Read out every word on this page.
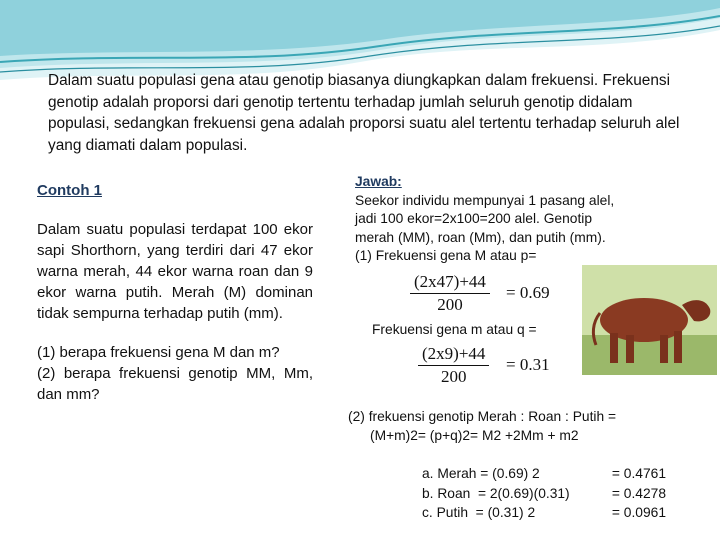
Dalam suatu populasi gena atau genotip biasanya diungkapkan dalam frekuensi. Frekuensi genotip adalah proporsi dari genotip tertentu terhadap jumlah seluruh genotip didalam populasi, sedangkan frekuensi gena adalah proporsi suatu alel tertentu terhadap seluruh alel yang diamati dalam populasi.

Contoh 1

Dalam suatu populasi terdapat 100 ekor sapi Shorthorn, yang terdiri dari 47 ekor warna merah, 44 ekor warna roan dan 9 ekor warna putih. Merah (M) dominan tidak sempurna terhadap putih (mm).

(1) berapa frekuensi gena M dan m?

(2) berapa frekuensi genotip MM, Mm, dan mm?

Jawab:
Seekor individu mempunyai 1 pasang alel,
jadi 100 ekor=2x100=200 alel. Genotip
merah (MM), roan (Mm), dan putih (mm).
(1) Frekuensi gena M atau p=
(2x47)+44
200
= 0.69
Frekuensi gena m atau q =
(2x9)+44
200
= 0.31
(2) frekuensi genotip Merah : Roan : Putih =
(M+m)2= (p+q)2= M2 +2Mm + m2
a. Merah = (0.69) 2	= 0.4761
b. Roan  = 2(0.69)(0.31)	= 0.4278
c. Putih  = (0.31) 2	= 0.0961
